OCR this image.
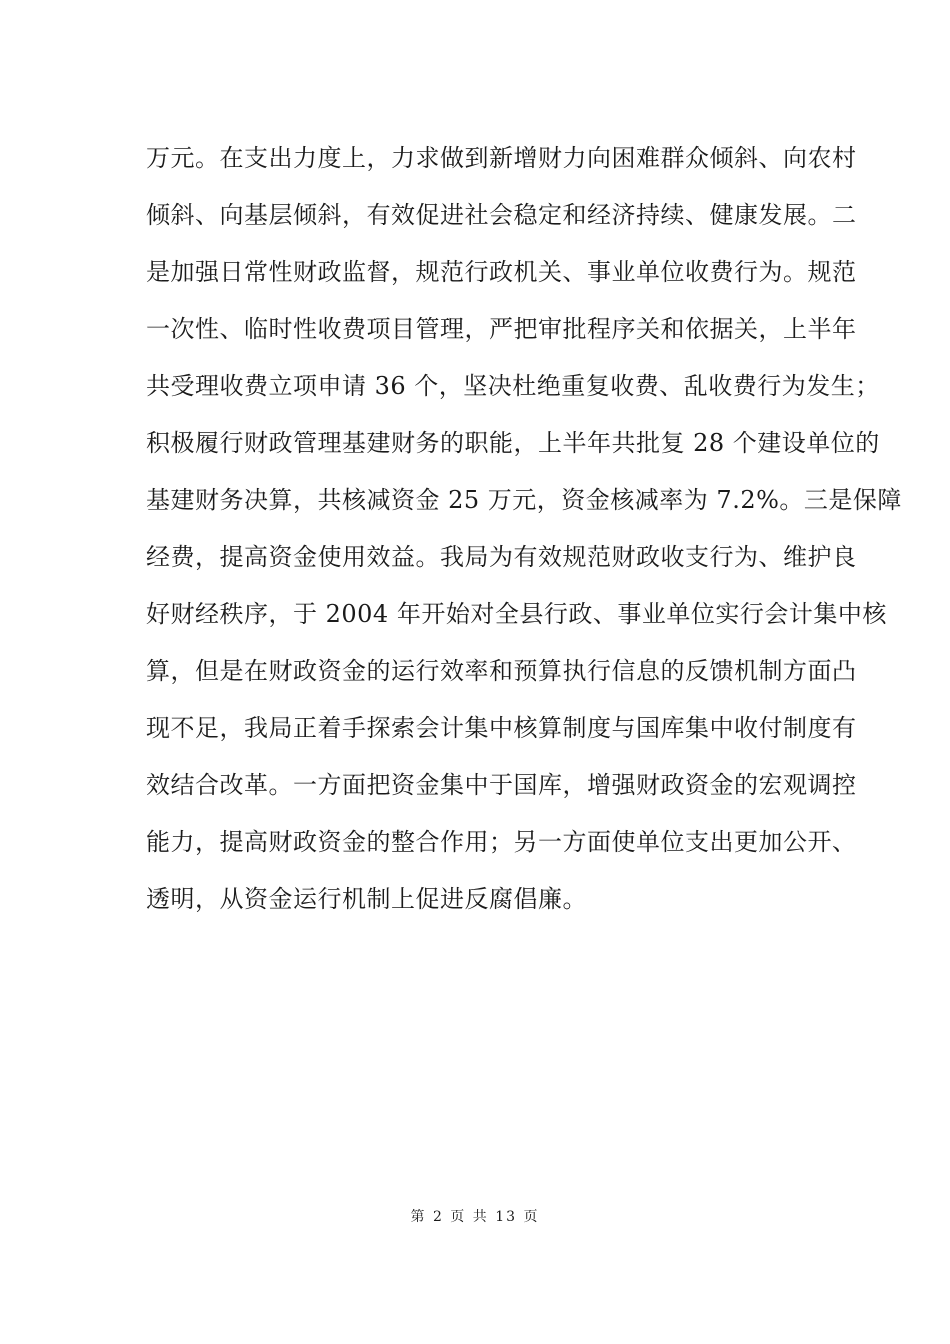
万元。在支出力度上，力求做到新增财力向困难群众倾斜、向农村
倾斜、向基层倾斜，有效促进社会稳定和经济持续、健康发展。二
是加强日常性财政监督，规范行政机关、事业单位收费行为。规范
一次性、临时性收费项目管理，严把审批程序关和依据关，上半年
共受理收费立项申请 36 个，坚决杜绝重复收费、乱收费行为发生；
积极履行财政管理基建财务的职能，上半年共批复 28 个建设单位的
基建财务决算，共核减资金 25 万元，资金核减率为 7.2%。三是保障
经费，提高资金使用效益。我局为有效规范财政收支行为、维护良
好财经秩序，于 2004 年开始对全县行政、事业单位实行会计集中核
算，但是在财政资金的运行效率和预算执行信息的反馈机制方面凸
现不足，我局正着手探索会计集中核算制度与国库集中收付制度有
效结合改革。一方面把资金集中于国库，增强财政资金的宏观调控
能力，提高财政资金的整合作用；另一方面使单位支出更加公开、
透明，从资金运行机制上促进反腐倡廉。
第 2 页 共 13 页
